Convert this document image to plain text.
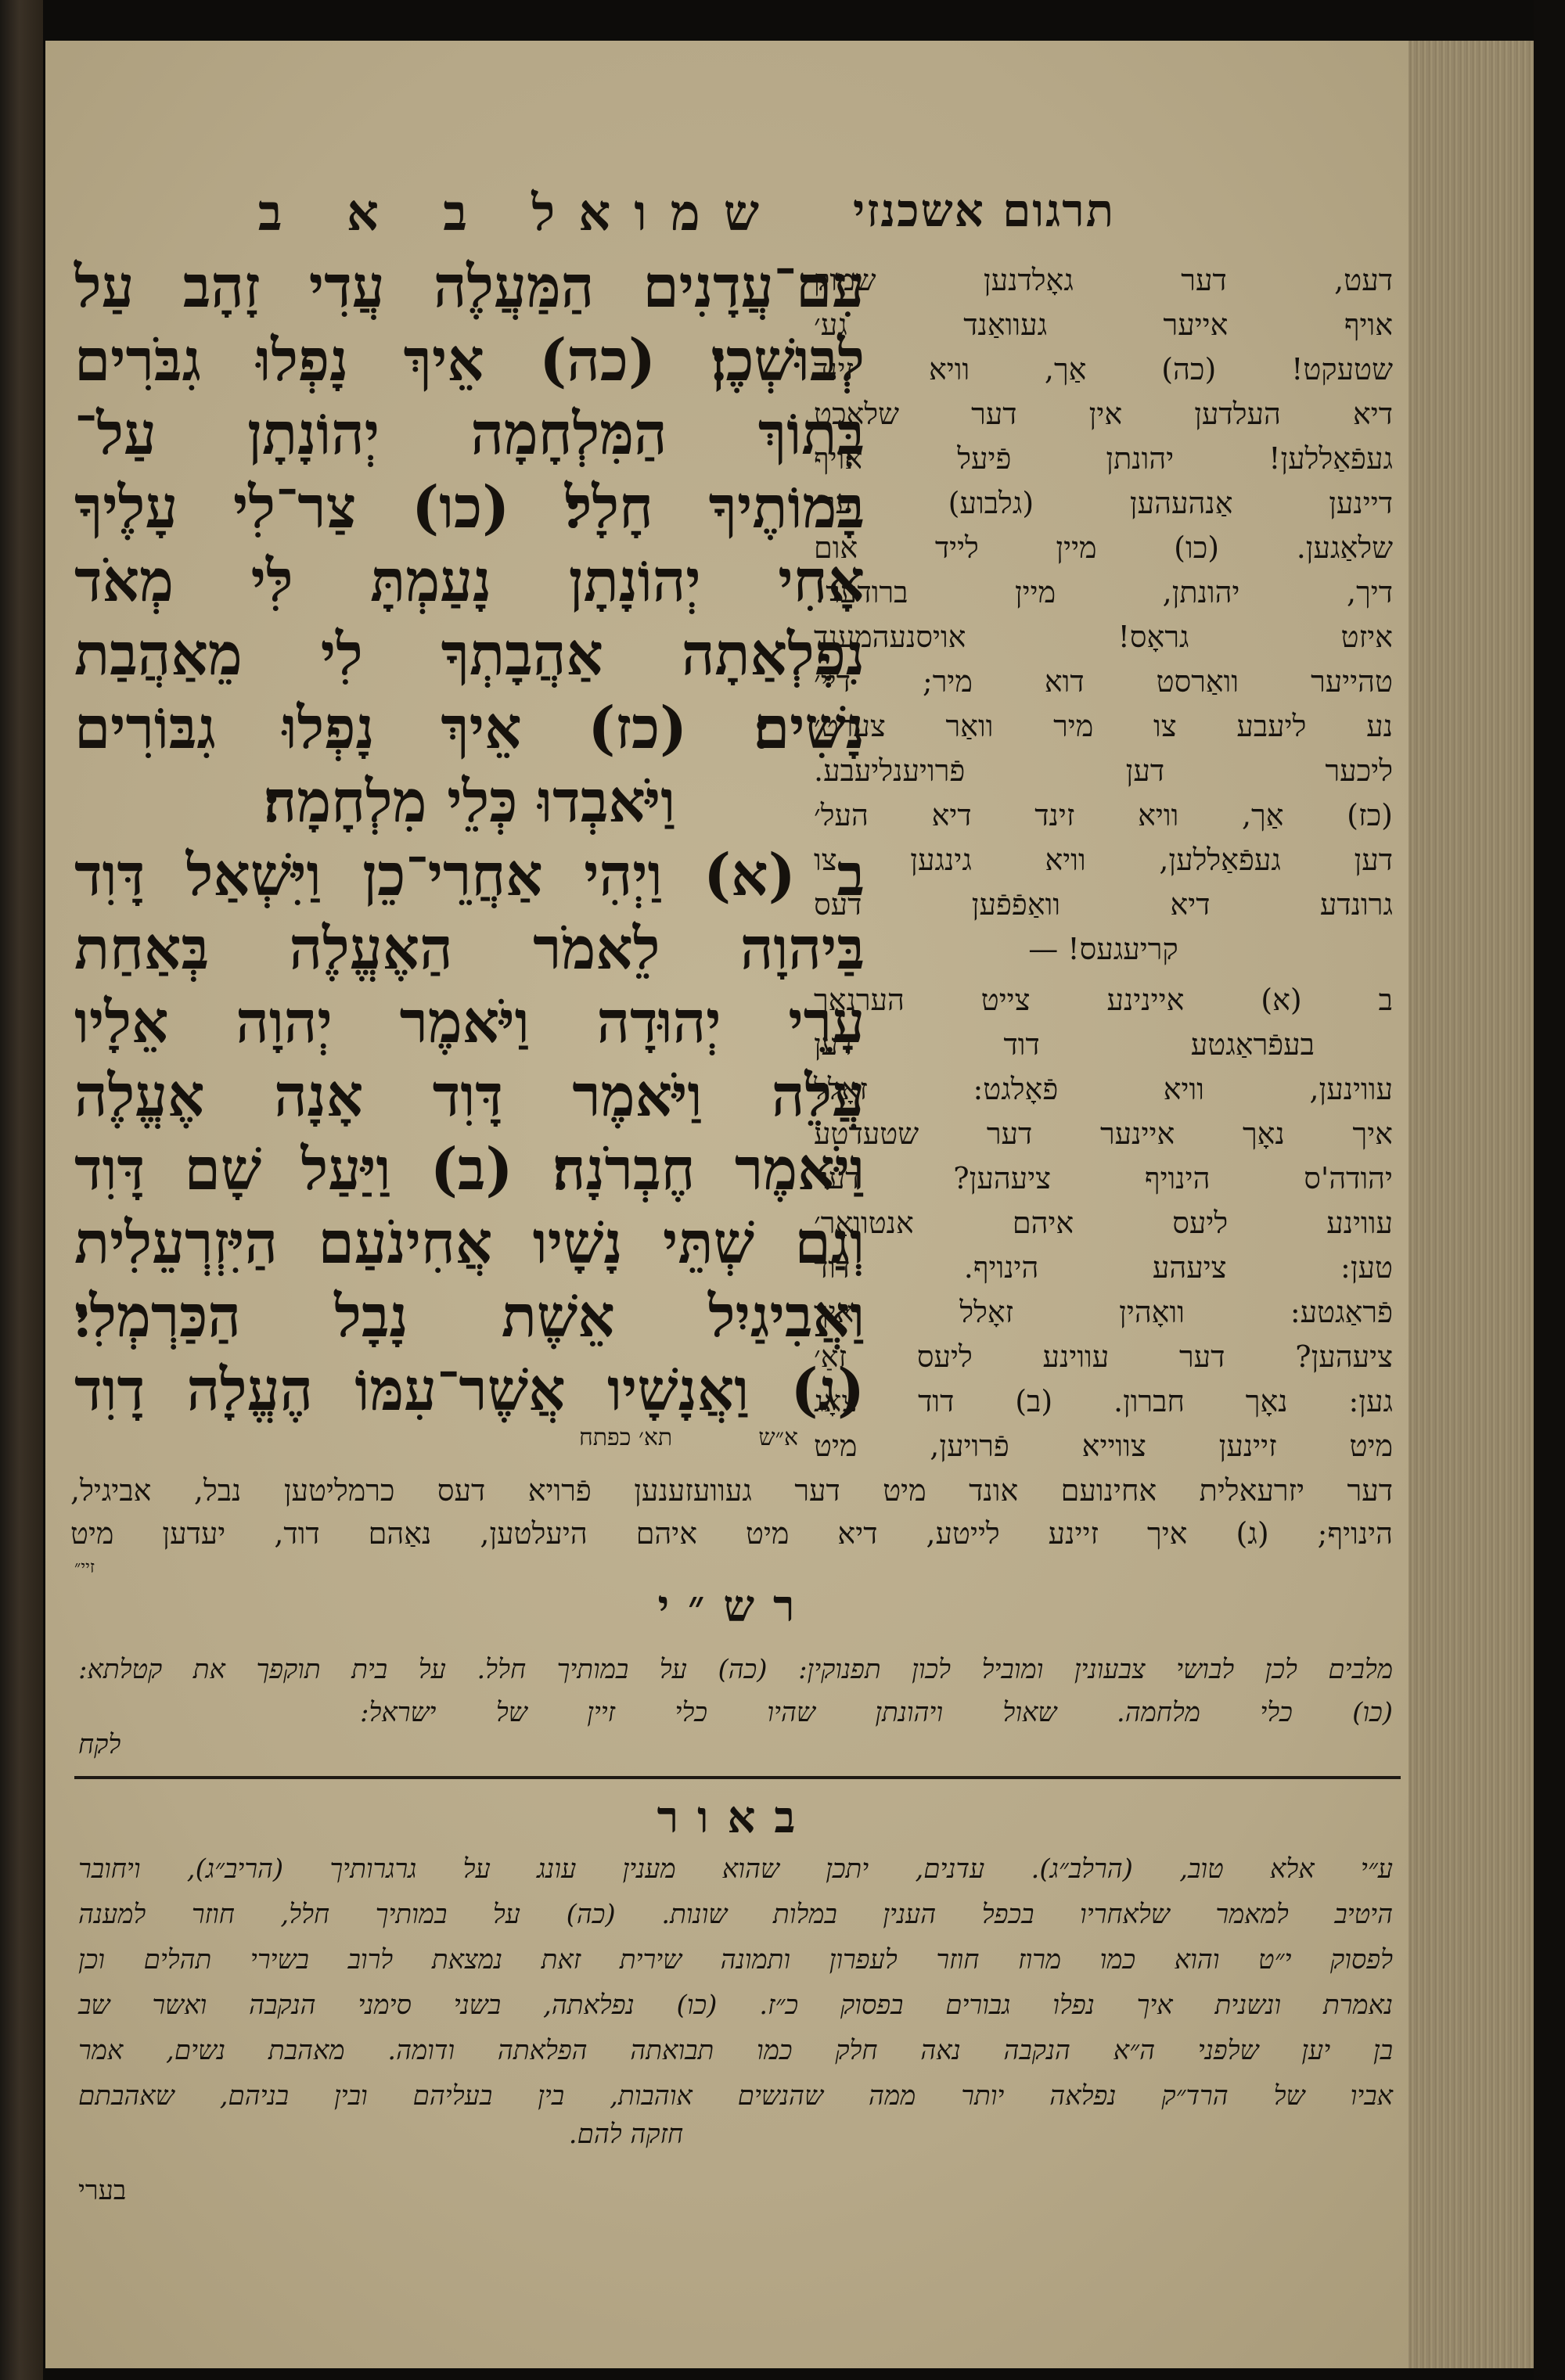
תרגום אשכנזי
שמואל ב א ב
עִם־עֲדָנִים הַמַּעֲלֶה עֲדִי זָהָב עַל
לְבוּשְׁכֶן׃ (כה) אֵיךְ נָפְלוּ גִבֹּרִים
בְּתוֹךְ הַמִּלְחָמָה יְהוֹנָתָן עַל־
בָּמוֹתֶיךָ חָלָל׃ (כו) צַר־לִי עָלֶיךָ
אָחִי יְהוֹנָתָן נָעַמְתָּ לִּי מְאֹד
נִפְלְאַתָה אַהֲבָתְךָ לִי מֵאַהֲבַת
נָשִׁים׃ (כז) אֵיךְ נָפְלוּ גִבּוֹרִים
וַיֹּאבְדוּ כְּלֵי מִלְחָמָה׃
ב (א) וַיְהִי אַחֲרֵי־כֵן וַיִּשְׁאַל דָּוִד
בַּיהוָה לֵאמֹר הַאֶעֱלֶה בְּאַחַת
עָרֵי יְהוּדָה וַיֹּאמֶר יְהוָה אֵלָיו
עֲלֵה וַיֹּאמֶר דָּוִד אָנָה אֶעֱלֶה
וַיֹּאמֶר חֶבְרֹנָה׃ (ב) וַיַּעַל שָׁם דָּוִד
וְגַם שְׁתֵּי נָשָׁיו אֲחִינֹעַם הַיִּזְרְעֵלִית
וַאֲבִיגַיִל אֵשֶׁת נָבָל הַכַּרְמְלִי׃
(ג) וַאֲנָשָׁיו אֲשֶׁר־עִמּוֹ הֶעֱלָה דָוִד
דעט, דער גאָלדנען שמוק
אויף אייער געוואַנד גע׳
שטעקט! (כה) אַך, וויא זינד
דיא העלדען אין דער שלאַכט
געפֿאַללען! יהונתן פֿיעל אויף
דיינען אַנהעהען (גלבוע) ער׳
שלאַגען. (כו) מיין לייד אום
דיך, יהונתן, מיין ברודער!
איזט גראָס! אויסנעהמענד
טהייער וואַרסט דוא מיר; דיי׳
נע ליעבע צו מיר וואַר צערט׳
ליכער דען פֿרויענליעבע.
(כז) אַך, וויא זינד דיא העל׳
דען געפֿאַללען, וויא גינגען צו
גרונדע דיא וואַפֿפֿען דעס
קריעגעס! —
ב (א) איינינע צייט הערנאַך
בעפֿראַגטע דוד דען
עווינען, וויא פֿאָלגט: זאָלל
איך נאָך איינער דער שטעדטע
יהודה'ס הינויף ציעהען? דער
עווינע ליעס איהם אנטוואָר׳
טען: ציעהע הינויף. דוד
פֿראַגטע: וואָהין זאָלל איך
ציעהען? דער עווינע ליעס זאַ׳
גען: נאָך חברון. (ב) דוד צאָג
מיט זיינען צווייא פֿרויען, מיט
א״ש
תא׳ כפתח
דער יזרעאלית אחינועם אונד מיט דער געוועזענען פֿרויא דעס כרמליטען נבל, אביגיל,
הינויף; (ג) איך זיינע לייטע, דיא מיט איהם היעלטען, נאַהם דוד, יעדען מיט
זיי״
רש״י
מלבים לכן לבושי צבעונין ומוביל לכון תפנוקין: (כה) על במותיך חלל. על בית תוקפך את קטלתא:
(כו) כלי מלחמה. שאול ויהונתן שהיו כלי זיין של ישראל:
לקח
באור
ע״י אלא טוב, (הרלב״ג). עדנים, יתכן שהוא מענין עונג על גרגרותיך (הריב״ג), ויחובר
היטיב למאמר שלאחריו בכפל הענין במלות שונות. (כה) על במותיך חלל, חוזר למענה
לפסוק י״ט והוא כמו מרוז חוזר לעפרון ותמונה שירית זאת נמצאת לרוב בשירי תהלים וכן
נאמרת ונשנית איך נפלו גבורים בפסוק כ״ז. (כו) נפלאתה, בשני סימני הנקבה ואשר שב
בן יען שלפני ה״א הנקבה נאה חלק כמו תבואתה הפלאתה ודומה. מאהבת נשים, אמר
אביו של הרד״ק נפלאה יותר ממה שהנשים אוהבות, בין בעליהם ובין בניהם, שאהבתם
חזקה להם.
בערי
